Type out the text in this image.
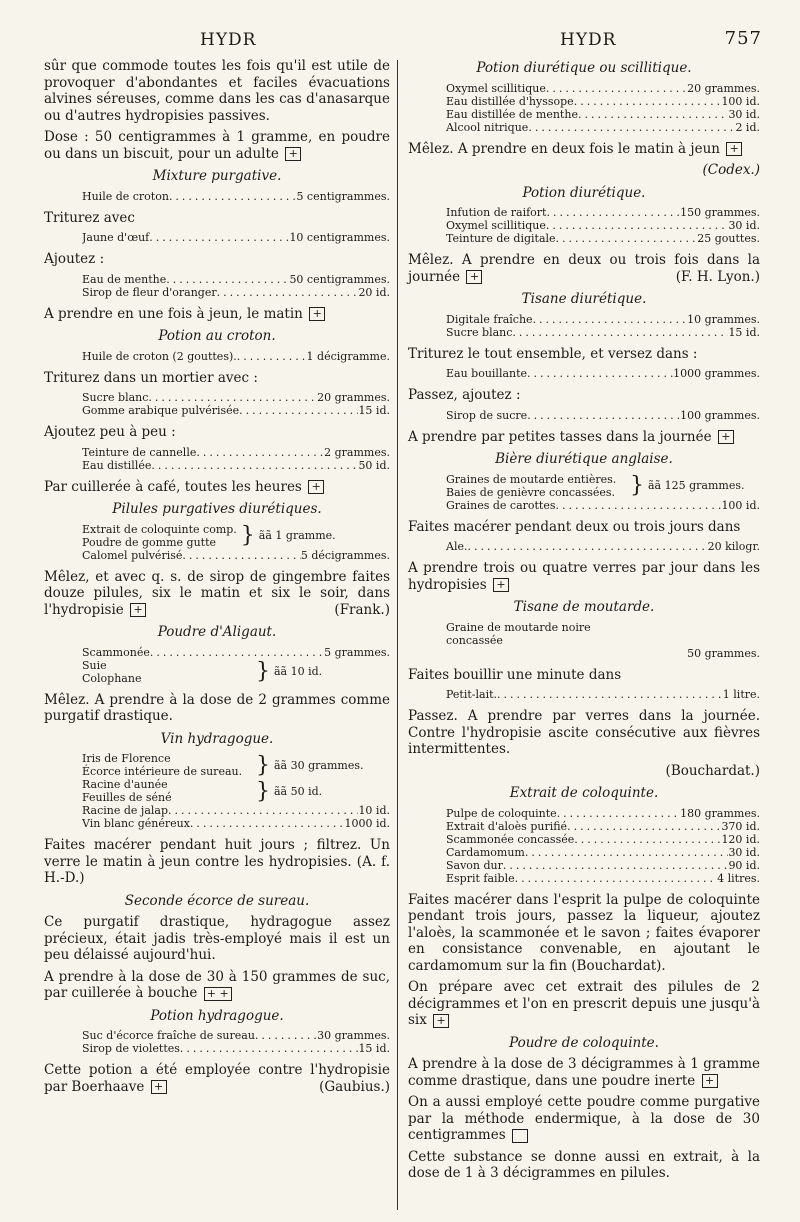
HYDR	HYDR	757

sûr que commode toutes les fois qu'il est utile de provoquer d'abondantes et faciles évacuations alvines séreuses, comme dans les cas d'anasarque ou d'autres hydropisies passives.

Dose : 50 centigrammes à 1 gramme, en poudre ou dans un biscuit, pour un adulte +

Mixture purgative.
Huile de croton .....	5 centigrammes.

Triturez avec

Jaune d'œuf .....	10 centigrammes.

Ajoutez :

Eau de menthe .....	50 centigrammes.
Sirop de fleur d'oranger .....	20 id.

A prendre en une fois à jeun, le matin +

Potion au croton.
Huile de croton (2 gouttes). .....	1 décigramme.

Triturez dans un mortier avec :

Sucre blanc .....	20 grammes.
Gomme arabique pulvérisée .....	15 id.

Ajoutez peu à peu :

Teinture de cannelle .....	2 grammes.
Eau distillée .....	50 id.

Par cuillerée à café, toutes les heures +

Pilules purgatives diurétiques.
Extrait de coloquinte comp.
Poudre de gomme gutte	} ãã 1 gramme.
Calomel pulvérisé .....	5 décigrammes.

Mêlez, et avec q. s. de sirop de gingembre faites douze pilules, six le matin et six le soir, dans l'hydropisie +	(Frank.)

Poudre d'Aligaut.
Scammonée .....	5 grammes.
Suie
Colophane	} ãã 10 id.

Mêlez. A prendre à la dose de 2 grammes comme purgatif drastique.

Vin hydragogue.
Iris de Florence
Écorce intérieure de sureau. } ãã 30 grammes.
Racine d'aunée
Feuilles de séné	} ãã 50 id.
Racine de jalap .....	10 id.
Vin blanc généreux .....	1000 id.

Faites macérer pendant huit jours ; filtrez. Un verre le matin à jeun contre les hydropisies. (A. f. H.-D.)

Seconde écorce de sureau.

Ce purgatif drastique, hydragogue assez précieux, était jadis très-employé mais il est un peu délaissé aujourd'hui.

A prendre à la dose de 30 à 150 grammes de suc, par cuillerée à bouche + +

Potion hydragogue.
Suc d'écorce fraîche de sureau .....	30 grammes.
Sirop de violettes .....	15 id.

Cette potion a été employée contre l'hydropisie par Boerhaave +	(Gaubius.)

Potion diurétique ou scillitique.
Oxymel scillitique .....	20 grammes.
Eau distillée d'hyssope .....	100 id.
Eau distillée de menthe .....	30 id.
Alcool nitrique .....	2 id.

Mêlez. A prendre en deux fois le matin à jeun +

(Codex.)

Potion diurétique.
Infution de raifort .....	150 grammes.
Oxymel scillitique .....	30 id.
Teinture de digitale .....	25 gouttes.

Mêlez. A prendre en deux ou trois fois dans la journée +	(F. H. Lyon.)

Tisane diurétique.
Digitale fraîche .....	10 grammes.
Sucre blanc .....	15 id.

Triturez le tout ensemble, et versez dans :

Eau bouillante .....	1000 grammes.

Passez, ajoutez :

Sirop de sucre .....	100 grammes.

A prendre par petites tasses dans la journée +

Bière diurétique anglaise.
Graines de moutarde entières.
Baies de genièvre concassées. } ãã 125 grammes.
Graines de carottes .....	100 id.

Faites macérer pendant deux ou trois jours dans

Ale. .....	20 kilogr.

A prendre trois ou quatre verres par jour dans les hydropisies +

Tisane de moutarde.
Graine de moutarde noire concassée
50 grammes.

Faites bouillir une minute dans

Petit-lait. .....	1 litre.

Passez. A prendre par verres dans la journée. Contre l'hydropisie ascite consécutive aux fièvres intermittentes.

(Bouchardat.)

Extrait de coloquinte.
Pulpe de coloquinte .....	180 grammes.
Extrait d'aloès purifié .....	370 id.
Scammonée concassée .....	120 id.
Cardamomum .....	30 id.
Savon dur .....	90 id.
Esprit faible .....	4 litres.

Faites macérer dans l'esprit la pulpe de coloquinte pendant trois jours, passez la liqueur, ajoutez l'aloès, la scammonée et le savon ; faites évaporer en consistance convenable, en ajoutant le cardamomum sur la fin (Bouchardat).

On prépare avec cet extrait des pilules de 2 décigrammes et l'on en prescrit depuis une jusqu'à six +

Poudre de coloquinte.

A prendre à la dose de 3 décigrammes à 1 gramme comme drastique, dans une poudre inerte +

On a aussi employé cette poudre comme purgative par la méthode endermique, à la dose de 30 centigrammes

Cette substance se donne aussi en extrait, à la dose de 1 à 3 décigrammes en pilules.
